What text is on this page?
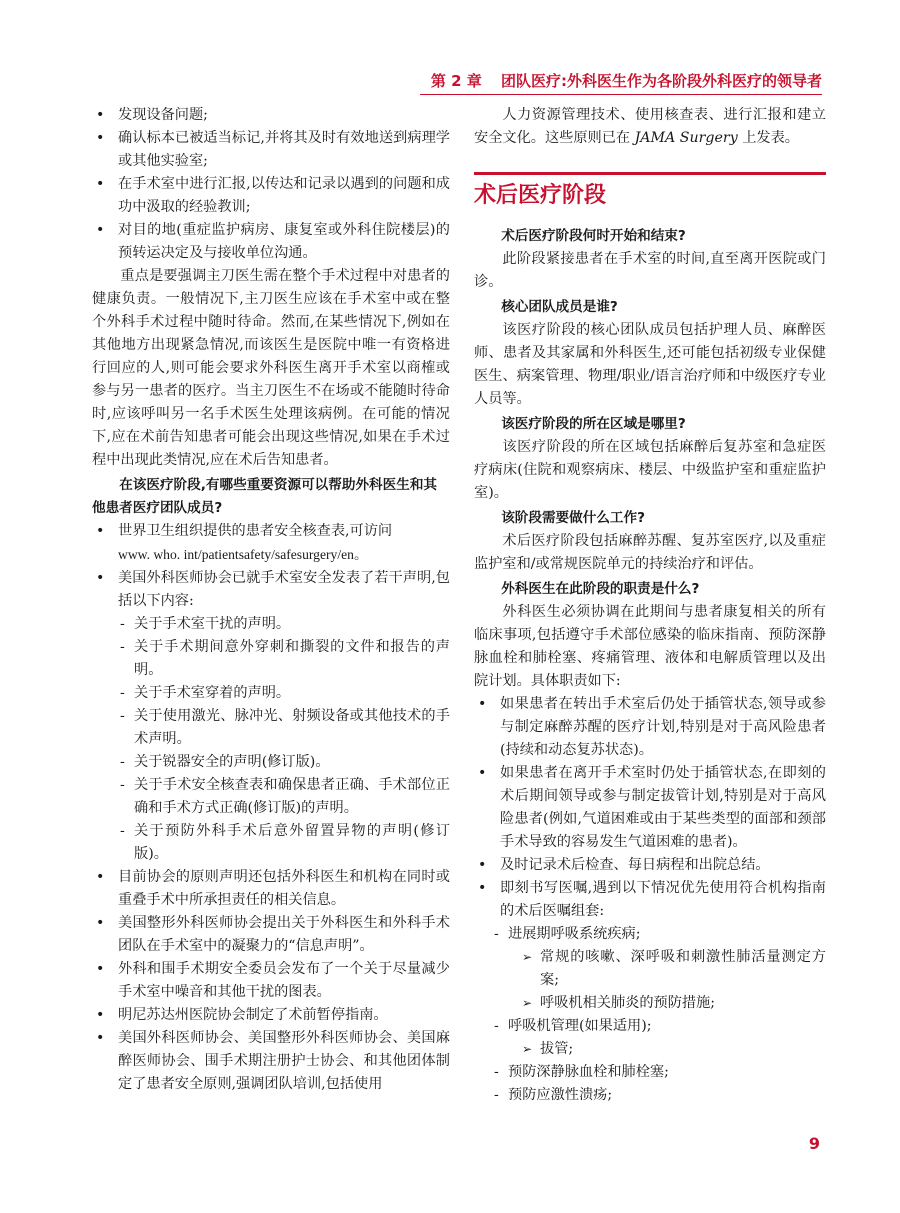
第 2 章 团队医疗:外科医生作为各阶段外科医疗的领导者
• 发现设备问题;
• 确认标本已被适当标记,并将其及时有效地送到病理学或其他实验室;
• 在手术室中进行汇报,以传达和记录以遇到的问题和成功中汲取的经验教训;
• 对目的地(重症监护病房、康复室或外科住院楼层)的预转运决定及与接收单位沟通。

重点是要强调主刀医生需在整个手术过程中对患者的健康负责。一般情况下,主刀医生应该在手术室中或在整个外科手术过程中随时待命。然而,在某些情况下,例如在其他地方出现紧急情况,而该医生是医院中唯一有资格进行回应的人,则可能会要求外科医生离开手术室以商榷或参与另一患者的医疗。当主刀医生不在场或不能随时待命时,应该呼叫另一名手术医生处理该病例。在可能的情况下,应在术前告知患者可能会出现这些情况,如果在手术过程中出现此类情况,应在术后告知患者。

在该医疗阶段,有哪些重要资源可以帮助外科医生和其他患者医疗团队成员?

• 世界卫生组织提供的患者安全核查表,可访问
www. who. int/patientsafety/safesurgery/en。
• 美国外科医师协会已就手术室安全发表了若干声明,包括以下内容:
- 关于手术室干扰的声明。
- 关于手术期间意外穿刺和撕裂的文件和报告的声明。
- 关于手术室穿着的声明。
- 关于使用激光、脉冲光、射频设备或其他技术的手术声明。
- 关于锐器安全的声明(修订版)。
- 关于手术安全核查表和确保患者正确、手术部位正确和手术方式正确(修订版)的声明。
- 关于预防外科手术后意外留置异物的声明(修订版)。
• 目前协会的原则声明还包括外科医生和机构在同时或重叠手术中所承担责任的相关信息。
• 美国整形外科医师协会提出关于外科医生和外科手术团队在手术室中的凝聚力的“信息声明”。
• 外科和围手术期安全委员会发布了一个关于尽量减少手术室中噪音和其他干扰的图表。
• 明尼苏达州医院协会制定了术前暂停指南。
• 美国外科医师协会、美国整形外科医师协会、美国麻醉医师协会、围手术期注册护士协会、和其他团体制定了患者安全原则,强调团队培训,包括使用

人力资源管理技术、使用核查表、进行汇报和建立安全文化。这些原则已在 JAMA Surgery 上发表。

术后医疗阶段

术后医疗阶段何时开始和结束?

此阶段紧接患者在手术室的时间,直至离开医院或门诊。

核心团队成员是谁?

该医疗阶段的核心团队成员包括护理人员、麻醉医师、患者及其家属和外科医生,还可能包括初级专业保健医生、病案管理、物理/职业/语言治疗师和中级医疗专业人员等。

该医疗阶段的所在区域是哪里?

该医疗阶段的所在区域包括麻醉后复苏室和急症医疗病床(住院和观察病床、楼层、中级监护室和重症监护室)。

该阶段需要做什么工作?

术后医疗阶段包括麻醉苏醒、复苏室医疗,以及重症监护室和/或常规医院单元的持续治疗和评估。

外科医生在此阶段的职责是什么?

外科医生必须协调在此期间与患者康复相关的所有临床事项,包括遵守手术部位感染的临床指南、预防深静脉血栓和肺栓塞、疼痛管理、液体和电解质管理以及出院计划。具体职责如下:

• 如果患者在转出手术室后仍处于插管状态,领导或参与制定麻醉苏醒的医疗计划,特别是对于高风险患者(持续和动态复苏状态)。
• 如果患者在离开手术室时仍处于插管状态,在即刻的术后期间领导或参与制定拔管计划,特别是对于高风险患者(例如,气道困难或由于某些类型的面部和颈部手术导致的容易发生气道困难的患者)。
• 及时记录术后检查、每日病程和出院总结。
• 即刻书写医嘱,遇到以下情况优先使用符合机构指南的术后医嘱组套:
- 进展期呼吸系统疾病;
➢ 常规的咳嗽、深呼吸和刺激性肺活量测定方案;
➢ 呼吸机相关肺炎的预防措施;
- 呼吸机管理(如果适用);
➢ 拔管;
- 预防深静脉血栓和肺栓塞;
- 预防应激性溃疡;
9
